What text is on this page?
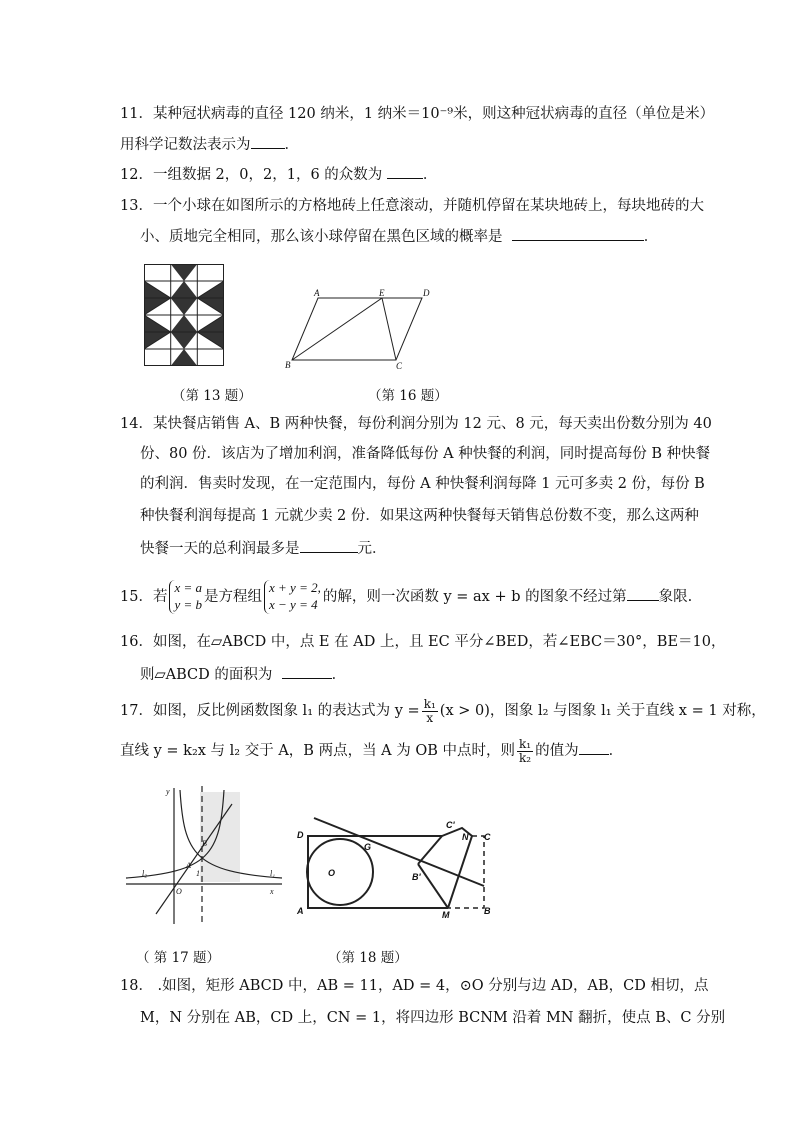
11．某种冠状病毒的直径 120 纳米，1 纳米＝10⁻⁹米，则这种冠状病毒的直径（单位是米）
用科学记数法表示为 ．
12．一组数据 2，0，2，1，6 的众数为	．
13．一个小球在如图所示的方格地砖上任意滚动，并随机停留在某块地砖上，每块地砖的大
小、质地完全相同，那么该小球停留在黑色区域的概率是	．
A	E	D
B	C
（第 13 题）	（第 16 题）
14．某快餐店销售 A、B 两种快餐，每份利润分别为 12 元、8 元，每天卖出份数分别为 40
份、80 份．该店为了增加利润，准备降低每份 A 种快餐的利润，同时提高每份 B 种快餐
的利润．售卖时发现，在一定范围内，每份 A 种快餐利润每降 1 元可多卖 2 份，每份 B
种快餐利润每提高 1 元就少卖 2 份．如果这两种快餐每天销售总份数不变，那么这两种
快餐一天的总利润最多是	元．
15．若x = a
y = b 是方程组x + y = 2,
x − y = 4 的解，则一次函数 y = ax + b 的图象不经过第 象限.
16．如图，在▱ABCD 中，点 E 在 AD 上，且 EC 平分∠BED，若∠EBC＝30°，BE＝10，
则▱ABCD 的面积为	．
17．如图，反比例函数图象 l₁ 的表达式为 $y = \frac{\text{k₁}}{x} (x > 0)$，图象 l₂ 与图象 l₁ 关于直线 x = 1 对称，
直线 y = k₂x 与 l₂ 交于 A，B 两点，当 A 为 OB 中点时，则 $\frac{\text{k₁}}{\text{k₂}}$ 的值为 ．
y
B
A
l₂	l₁
O
1
x
D
G
C'
N C
O	B'
A	M	B
（ 第 17 题）	（第 18 题）
18． .如图，矩形 ABCD 中，AB = 11，AD = 4，⊙O 分别与边 AD，AB，CD 相切，点
M，N 分别在 AB，CD 上，CN = 1，将四边形 BCNM 沿着 MN 翻折，使点 B、C 分别
